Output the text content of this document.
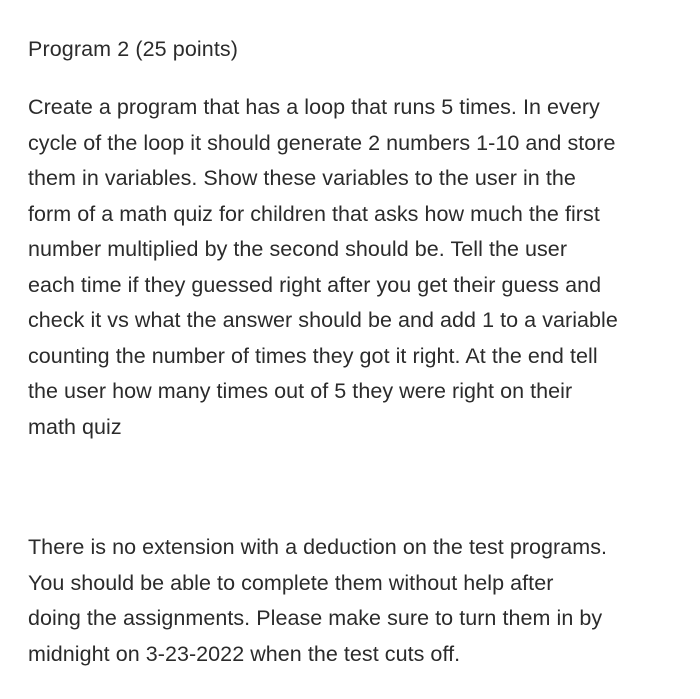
Program 2 (25 points)

Create a program that has a loop that runs 5 times. In every
cycle of the loop it should generate 2 numbers 1-10 and store
them in variables. Show these variables to the user in the
form of a math quiz for children that asks how much the first
number multiplied by the second should be. Tell the user
each time if they guessed right after you get their guess and
check it vs what the answer should be and add 1 to a variable
counting the number of times they got it right. At the end tell
the user how many times out of 5 they were right on their
math quiz

There is no extension with a deduction on the test programs.
You should be able to complete them without help after
doing the assignments. Please make sure to turn them in by
midnight on 3-23-2022 when the test cuts off.
